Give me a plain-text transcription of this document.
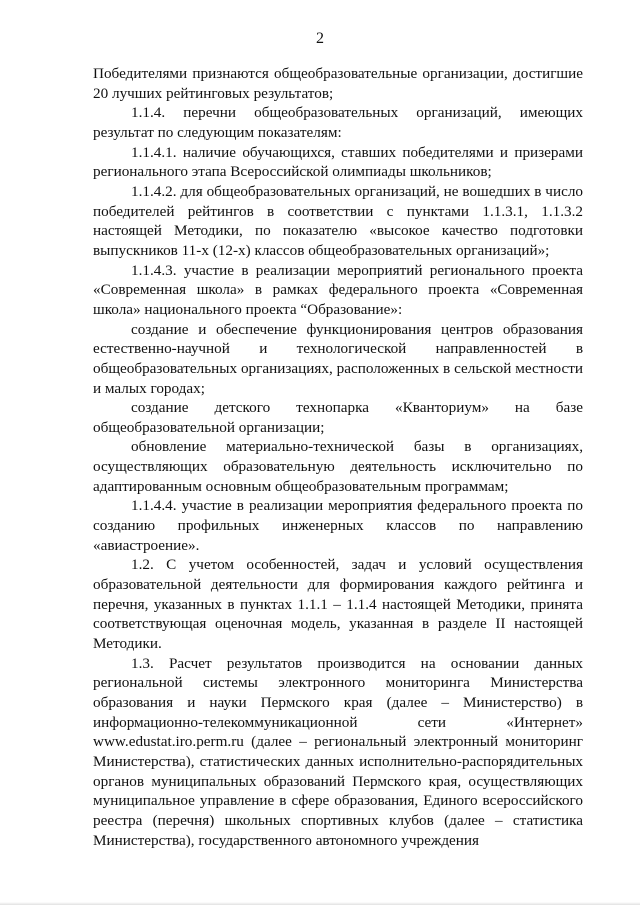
2

Победителями признаются общеобразовательные организации, достигшие 20 лучших рейтинговых результатов;

1.1.4. перечни общеобразовательных организаций, имеющих результат по следующим показателям:

1.1.4.1. наличие обучающихся, ставших победителями и призерами регионального этапа Всероссийской олимпиады школьников;

1.1.4.2. для общеобразовательных организаций, не вошедших в число победителей рейтингов в соответствии с пунктами 1.1.3.1, 1.1.3.2 настоящей Методики, по показателю «высокое качество подготовки выпускников 11-х (12-х) классов общеобразовательных организаций»;

1.1.4.3. участие в реализации мероприятий регионального проекта «Современная школа» в рамках федерального проекта «Современная школа» национального проекта “Образование»:

создание и обеспечение функционирования центров образования естественно-научной и технологической направленностей в общеобразовательных организациях, расположенных в сельской местности и малых городах;

создание детского технопарка «Кванториум» на базе общеобразовательной организации;

обновление материально-технической базы в организациях, осуществляющих образовательную деятельность исключительно по адаптированным основным общеобразовательным программам;

1.1.4.4. участие в реализации мероприятия федерального проекта по созданию профильных инженерных классов по направлению «авиастроение».

1.2. С учетом особенностей, задач и условий осуществления образовательной деятельности для формирования каждого рейтинга и перечня, указанных в пунктах 1.1.1 – 1.1.4 настоящей Методики, принята соответствующая оценочная модель, указанная в разделе II настоящей Методики.

1.3. Расчет результатов производится на основании данных региональной системы электронного мониторинга Министерства образования и науки Пермского края (далее – Министерство) в информационно-телекоммуникационной сети «Интернет» www.edustat.iro.perm.ru (далее – региональный электронный мониторинг Министерства), статистических данных исполнительно-распорядительных органов муниципальных образований Пермского края, осуществляющих муниципальное управление в сфере образования, Единого всероссийского реестра (перечня) школьных спортивных клубов (далее – статистика Министерства), государственного автономного учреждения
